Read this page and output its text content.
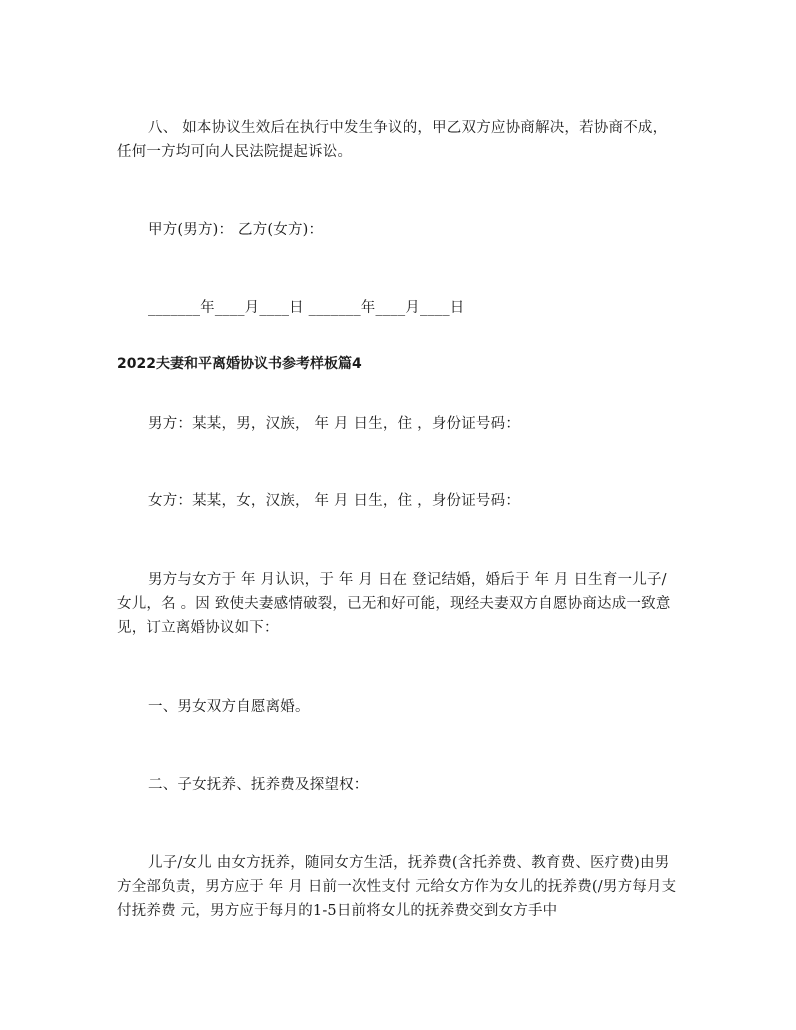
八、 如本协议生效后在执行中发生争议的，甲乙双方应协商解决，若协商不成，任何一方均可向人民法院提起诉讼。

甲方(男方)： 乙方(女方)：

_______年____月____日 _______年____月____日

2022夫妻和平离婚协议书参考样板篇4

男方：某某，男，汉族， 年 月 日生，住 ，身份证号码：

女方：某某，女，汉族， 年 月 日生，住 ，身份证号码：

男方与女方于 年 月认识，于 年 月 日在 登记结婚，婚后于 年 月 日生育一儿子/女儿，名 。因 致使夫妻感情破裂，已无和好可能，现经夫妻双方自愿协商达成一致意见，订立离婚协议如下：

一、男女双方自愿离婚。

二、子女抚养、抚养费及探望权：

儿子/女儿 由女方抚养，随同女方生活，抚养费(含托养费、教育费、医疗费)由男方全部负责，男方应于 年 月 日前一次性支付 元给女方作为女儿的抚养费(/男方每月支付抚养费 元，男方应于每月的1-5日前将女儿的抚养费交到女方手中
